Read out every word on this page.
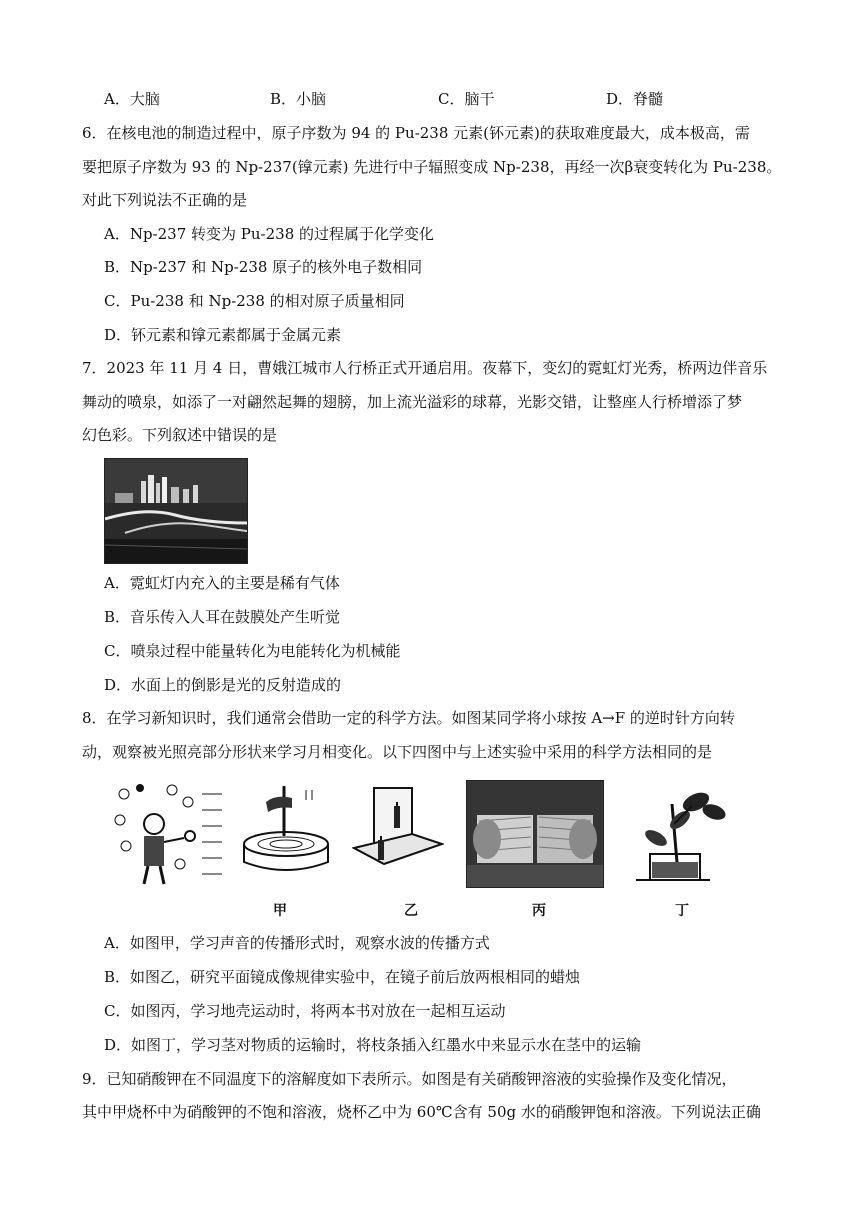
A．大脑	B．小脑	C．脑干	D．脊髓
6．在核电池的制造过程中，原子序数为 94 的 Pu-238 元素(钚元素)的获取难度最大，成本极高，需
要把原子序数为 93 的 Np-237(镎元素) 先进行中子辐照变成 Np-238，再经一次β衰变转化为 Pu-238。
对此下列说法不正确的是
A．Np-237 转变为 Pu-238 的过程属于化学变化
B．Np-237 和 Np-238 原子的核外电子数相同
C．Pu-238 和 Np-238 的相对原子质量相同
D．钚元素和镎元素都属于金属元素
7．2023 年 11 月 4 日，曹娥江城市人行桥正式开通启用。夜幕下，变幻的霓虹灯光秀，桥两边伴音乐
舞动的喷泉，如添了一对翩然起舞的翅膀，加上流光溢彩的球幕，光影交错，让整座人行桥增添了梦
幻色彩。下列叙述中错误的是
A．霓虹灯内充入的主要是稀有气体
B．音乐传入人耳在鼓膜处产生听觉
C．喷泉过程中能量转化为电能转化为机械能
D．水面上的倒影是光的反射造成的
8．在学习新知识时，我们通常会借助一定的科学方法。如图某同学将小球按 A→F 的逆时针方向转
动，观察被光照亮部分形状来学习月相变化。以下四图中与上述实验中采用的科学方法相同的是
甲	乙	丙	丁
A．如图甲，学习声音的传播形式时，观察水波的传播方式
B．如图乙，研究平面镜成像规律实验中，在镜子前后放两根相同的蜡烛
C．如图丙，学习地壳运动时，将两本书对放在一起相互运动
D．如图丁，学习茎对物质的运输时，将枝条插入红墨水中来显示水在茎中的运输
9．已知硝酸钾在不同温度下的溶解度如下表所示。如图是有关硝酸钾溶液的实验操作及变化情况，
其中甲烧杯中为硝酸钾的不饱和溶液，烧杯乙中为 60℃含有 50g 水的硝酸钾饱和溶液。下列说法正确
